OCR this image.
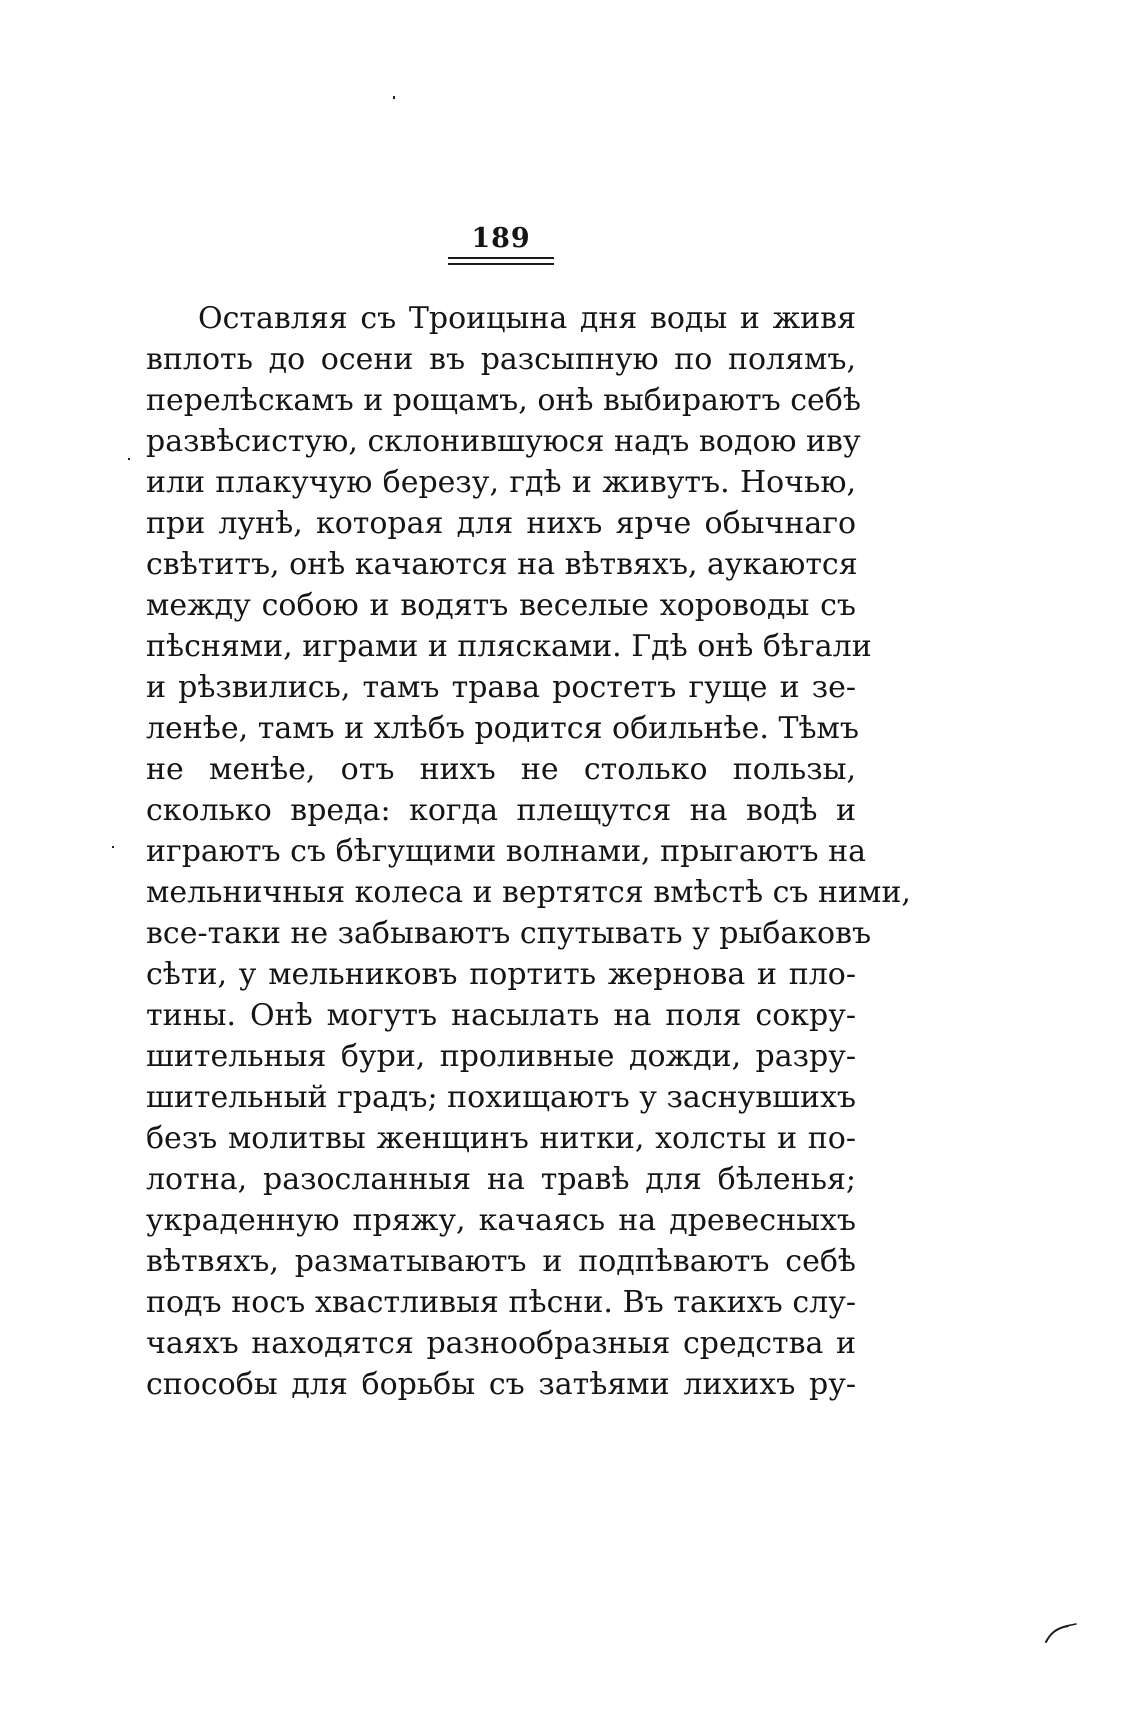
189
Оставляя съ Троицына дня воды и живя
вплоть до осени въ разсыпную по полямъ,
перелѣскамъ и рощамъ, онѣ выбираютъ себѣ
развѣсистую, склонившуюся надъ водою иву
или плакучую березу, гдѣ и живутъ. Ночью,
при лунѣ, которая для нихъ ярче обычнаго
свѣтитъ, онѣ качаются на вѣтвяхъ, аукаются
между собою и водятъ веселые хороводы съ
пѣснями, играми и плясками. Гдѣ онѣ бѣгали
и рѣзвились, тамъ трава ростетъ гуще и зе-
ленѣе, тамъ и хлѣбъ родится обильнѣе. Тѣмъ
не менѣе, отъ нихъ не столько пользы,
сколько вреда: когда плещутся на водѣ и
играютъ съ бѣгущими волнами, прыгаютъ на
мельничныя колеса и вертятся вмѣстѣ съ ними,
все-таки не забываютъ спутывать у рыбаковъ
сѣти, у мельниковъ портить жернова и пло-
тины. Онѣ могутъ насылать на поля сокру-
шительныя бури, проливные дожди, разру-
шительный градъ; похищаютъ у заснувшихъ
безъ молитвы женщинъ нитки, холсты и по-
лотна, разосланныя на травѣ для бѣленья;
украденную пряжу, качаясь на древесныхъ
вѣтвяхъ, разматываютъ и подпѣваютъ себѣ
подъ носъ хвастливыя пѣсни. Въ такихъ слу-
чаяхъ находятся разнообразныя средства и
способы для борьбы съ затѣями лихихъ ру-
